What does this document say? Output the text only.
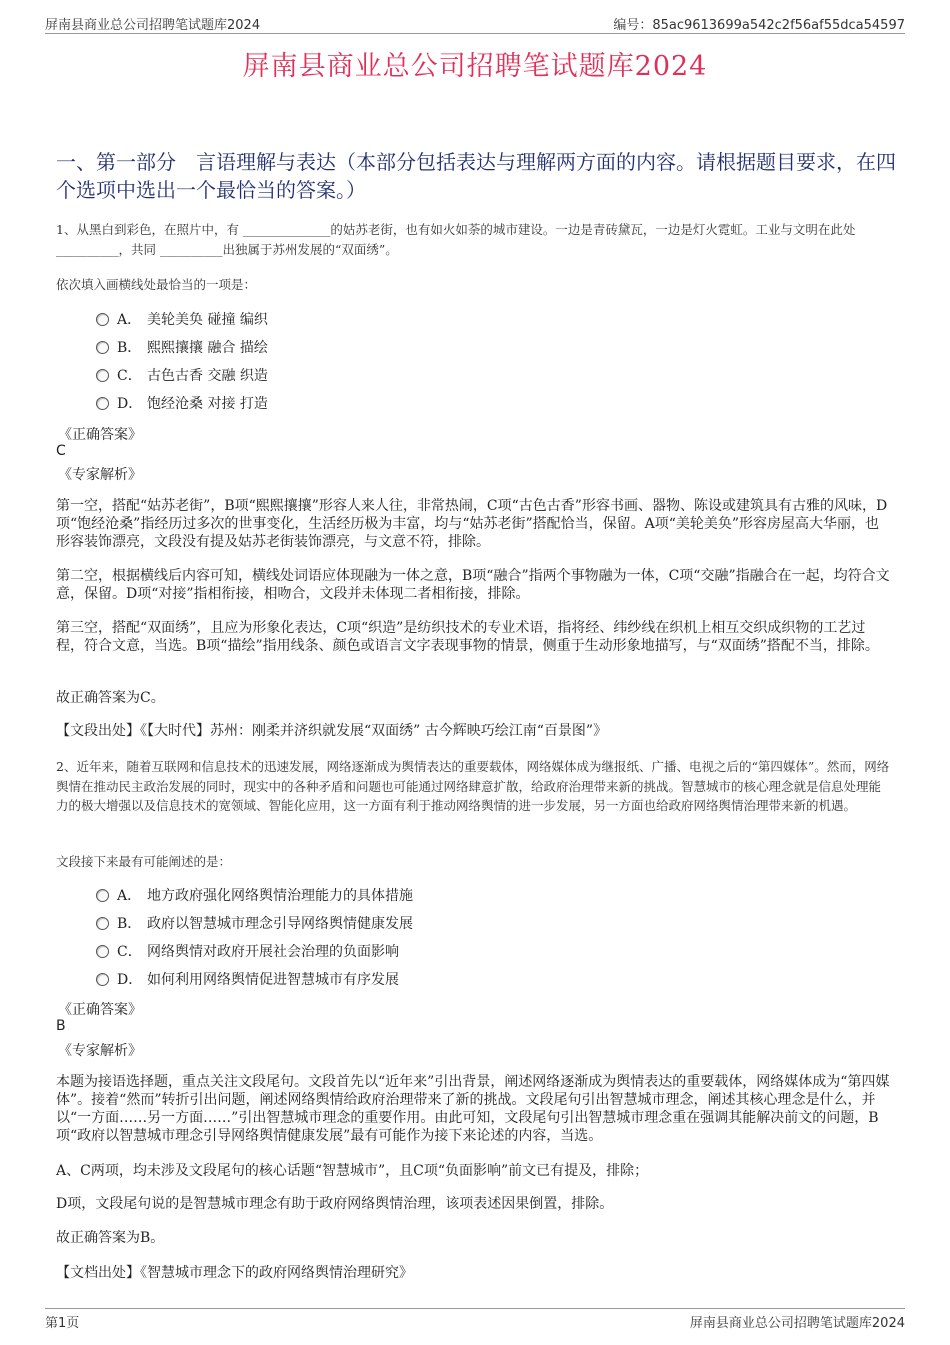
屏南县商业总公司招聘笔试题库2024	编号：85ac9613699a542c2f56af55dca54597
屏南县商业总公司招聘笔试题库2024
一、第一部分　言语理解与表达（本部分包括表达与理解两方面的内容。请根据题目要求，在四个选项中选出一个最恰当的答案。）
1、从黑白到彩色，在照片中，有 ______________的姑苏老街，也有如火如荼的城市建设。一边是青砖黛瓦，一边是灯火霓虹。工业与文明在此处 __________，共同 __________出独属于苏州发展的“双面绣”。
依次填入画横线处最恰当的一项是：
A． 美轮美奂 碰撞 编织
B． 熙熙攘攘 融合 描绘
C． 古色古香 交融 织造
D． 饱经沧桑 对接 打造
《正确答案》
C
《专家解析》
第一空，搭配“姑苏老街”，B项“熙熙攘攘”形容人来人往，非常热闹，C项“古色古香”形容书画、器物、陈设或建筑具有古雅的风味，D项“饱经沧桑”指经历过多次的世事变化，生活经历极为丰富，均与“姑苏老街”搭配恰当，保留。A项“美轮美奂”形容房屋高大华丽，也形容装饰漂亮，文段没有提及姑苏老街装饰漂亮，与文意不符，排除。
第二空，根据横线后内容可知，横线处词语应体现融为一体之意，B项“融合”指两个事物融为一体，C项“交融”指融合在一起，均符合文意，保留。D项“对接”指相衔接，相吻合，文段并未体现二者相衔接，排除。
第三空，搭配“双面绣”，且应为形象化表达，C项“织造”是纺织技术的专业术语，指将经、纬纱线在织机上相互交织成织物的工艺过程，符合文意，当选。B项“描绘”指用线条、颜色或语言文字表现事物的情景，侧重于生动形象地描写，与“双面绣”搭配不当，排除。
故正确答案为C。
【文段出处】《【大时代】苏州：刚柔并济织就发展“双面绣” 古今辉映巧绘江南“百景图”》
2、近年来，随着互联网和信息技术的迅速发展，网络逐渐成为舆情表达的重要载体，网络媒体成为继报纸、广播、电视之后的“第四媒体”。然而，网络舆情在推动民主政治发展的同时，现实中的各种矛盾和问题也可能通过网络肆意扩散，给政府治理带来新的挑战。智慧城市的核心理念就是信息处理能力的极大增强以及信息技术的宽领域、智能化应用，这一方面有利于推动网络舆情的进一步发展，另一方面也给政府网络舆情治理带来新的机遇。
文段接下来最有可能阐述的是：
A． 地方政府强化网络舆情治理能力的具体措施
B． 政府以智慧城市理念引导网络舆情健康发展
C． 网络舆情对政府开展社会治理的负面影响
D． 如何利用网络舆情促进智慧城市有序发展
《正确答案》
B
《专家解析》
本题为接语选择题，重点关注文段尾句。文段首先以“近年来”引出背景，阐述网络逐渐成为舆情表达的重要载体，网络媒体成为“第四媒体”。接着“然而”转折引出问题，阐述网络舆情给政府治理带来了新的挑战。文段尾句引出智慧城市理念，阐述其核心理念是什么，并以“一方面……另一方面……”引出智慧城市理念的重要作用。由此可知，文段尾句引出智慧城市理念重在强调其能解决前文的问题，B项“政府以智慧城市理念引导网络舆情健康发展”最有可能作为接下来论述的内容，当选。
A、C两项，均未涉及文段尾句的核心话题“智慧城市”，且C项“负面影响”前文已有提及，排除；
D项，文段尾句说的是智慧城市理念有助于政府网络舆情治理，该项表述因果倒置，排除。
故正确答案为B。
【文档出处】《智慧城市理念下的政府网络舆情治理研究》
第1页	屏南县商业总公司招聘笔试题库2024
